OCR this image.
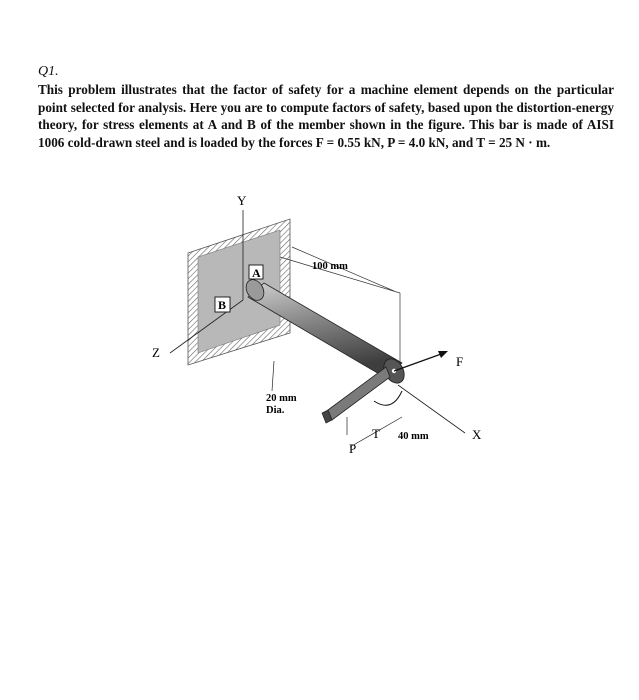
Q1.
This problem illustrates that the factor of safety for a machine element depends on the particular point selected for analysis. Here you are to compute factors of safety, based upon the distortion-energy theory, for stress elements at A and B of the member shown in the figure. This bar is made of AISI 1006 cold-drawn steel and is loaded by the forces F = 0.55 kN, P = 4.0 kN, and T = 25 N · m.
A
B
Y
Z
X
F
T
P
100 mm
40 mm
20 mm
Dia.
